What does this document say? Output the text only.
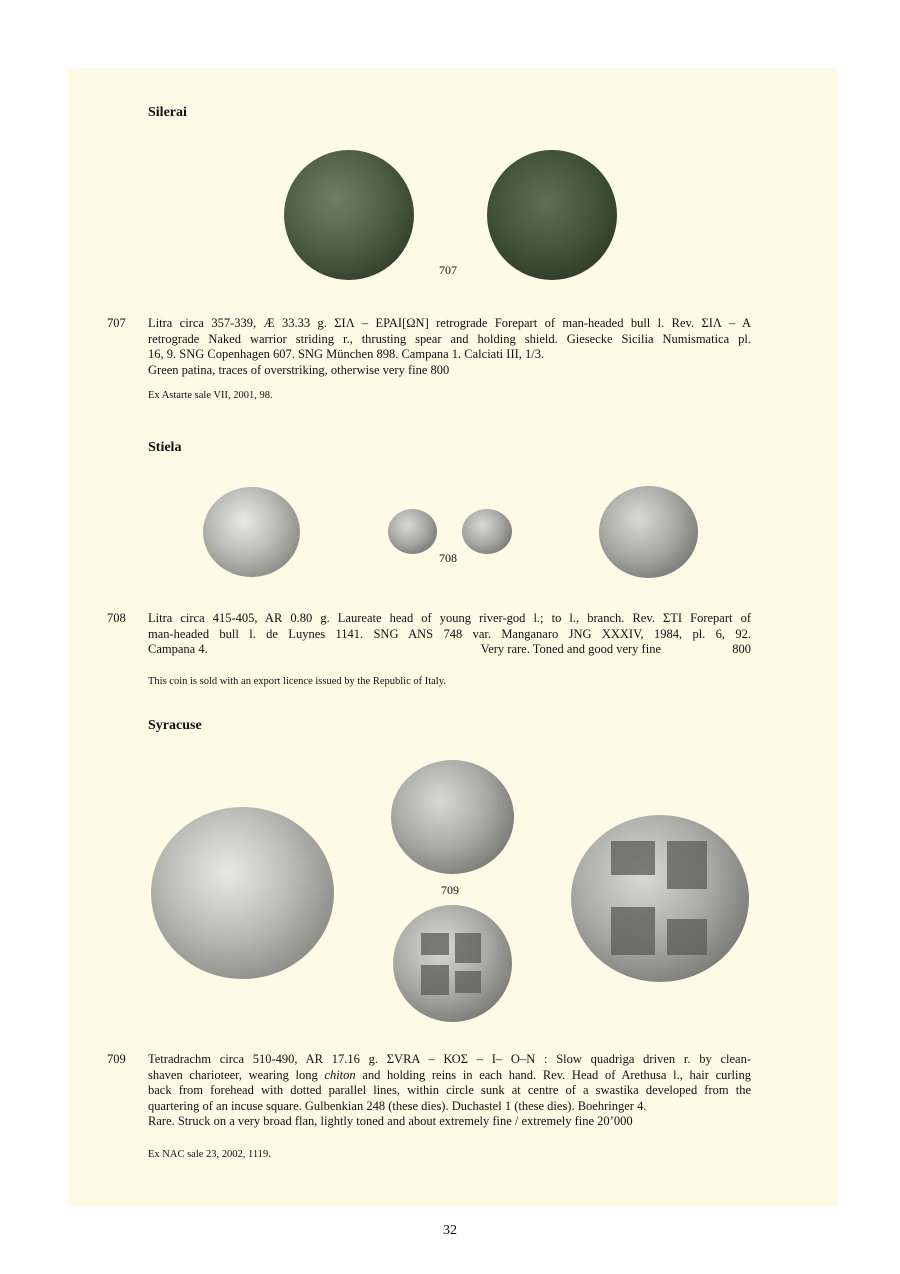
Silerai
707
707 Litra circa 357-339, Æ 33.33 g. ΣΙΛ – ΕΡΑΙ[ΩΝ] retrograde Forepart of man-headed bull l. Rev. ΣΙΛ – Α
retrograde Naked warrior striding r., thrusting spear and holding shield. Giesecke Sicilia Numismatica pl.
16, 9. SNG Copenhagen 607. SNG München 898. Campana 1. Calciati III, 1/3.
Green patina, traces of overstriking, otherwise very fine 800
Ex Astarte sale VII, 2001, 98.
Stiela
708
708 Litra circa 415-405, AR 0.80 g. Laureate head of young river-god l.; to l., branch. Rev. ΣΤΙ Forepart of
man-headed bull l. de Luynes 1141. SNG ANS 748 var. Manganaro JNG XXXIV, 1984, pl. 6, 92.
Campana 4.	Very rare. Toned and good very fine	800
This coin is sold with an export licence issued by the Republic of Italy.
Syracuse
709
709 Tetradrachm circa 510-490, AR 17.16 g. ΣVRA – ΚΟΣ – Ι– Ο–Ν : Slow quadriga driven r. by clean-
shaven charioteer, wearing long chiton and holding reins in each hand. Rev. Head of Arethusa l., hair curling
back from forehead with dotted parallel lines, within circle sunk at centre of a swastika developed from the
quartering of an incuse square. Gulbenkian 248 (these dies). Duchastel 1 (these dies). Boehringer 4.
Rare. Struck on a very broad flan, lightly toned and about extremely fine / extremely fine 20’000
Ex NAC sale 23, 2002, 1119.
32
